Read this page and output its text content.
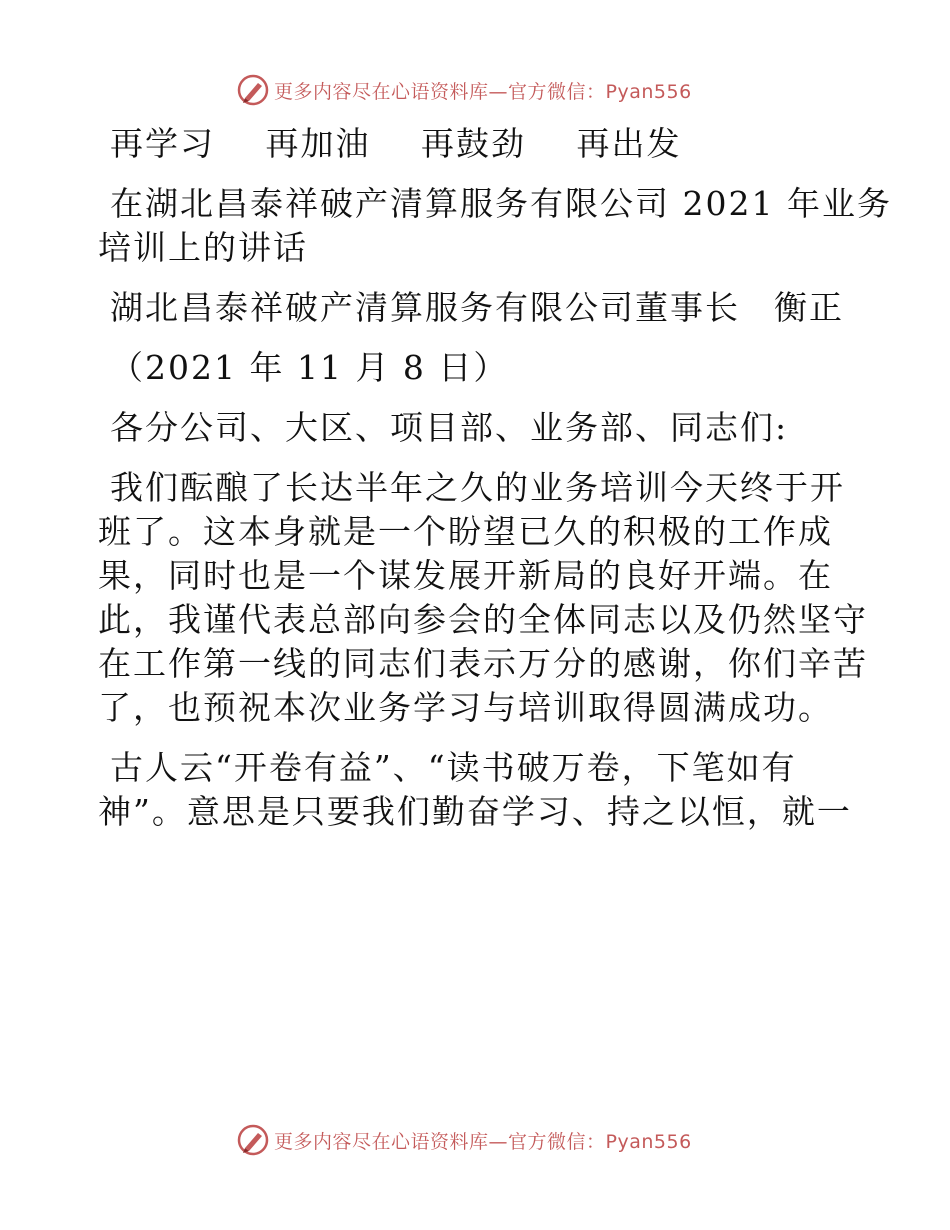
更多内容尽在心语资料库—官方微信：Pyan556

再学习 再加油 再鼓劲 再出发

在湖北昌泰祥破产清算服务有限公司 2021 年业务

培训上的讲话

湖北昌泰祥破产清算服务有限公司董事长 衡正

（2021 年 11 月 8 日）

各分公司、大区、项目部、业务部、同志们:

我们酝酿了长达半年之久的业务培训今天终于开

班了。这本身就是一个盼望已久的积极的工作成

果，同时也是一个谋发展开新局的良好开端。在

此，我谨代表总部向参会的全体同志以及仍然坚守

在工作第一线的同志们表示万分的感谢，你们辛苦

了，也预祝本次业务学习与培训取得圆满成功。

古人云“开卷有益”、“读书破万卷，下笔如有

神”。意思是只要我们勤奋学习、持之以恒，就一

更多内容尽在心语资料库—官方微信：Pyan556
